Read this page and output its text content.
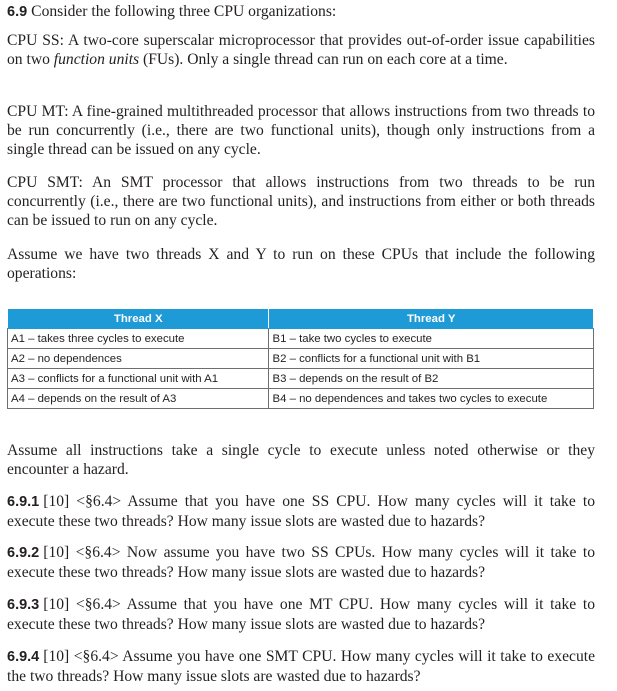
6.9 Consider the following three CPU organizations:

CPU SS: A two-core superscalar microprocessor that provides out-of-order issue capabilities on two function units (FUs). Only a single thread can run on each core at a time.

CPU MT: A fine-grained multithreaded processor that allows instructions from two threads to be run concurrently (i.e., there are two functional units), though only instructions from a single thread can be issued on any cycle.

CPU SMT: An SMT processor that allows instructions from two threads to be run concurrently (i.e., there are two functional units), and instructions from either or both threads can be issued to run on any cycle.

Assume we have two threads X and Y to run on these CPUs that include the following operations:

Assume all instructions take a single cycle to execute unless noted otherwise or they encounter a hazard.

6.9.1 [10] <§6.4> Assume that you have one SS CPU. How many cycles will it take to execute these two threads? How many issue slots are wasted due to hazards?

6.9.2 [10] <§6.4> Now assume you have two SS CPUs. How many cycles will it take to execute these two threads? How many issue slots are wasted due to hazards?

6.9.3 [10] <§6.4> Assume that you have one MT CPU. How many cycles will it take to execute these two threads? How many issue slots are wasted due to hazards?

6.9.4 [10] <§6.4> Assume you have one SMT CPU. How many cycles will it take to execute the two threads? How many issue slots are wasted due to hazards?

Thread X	Thread Y
A1 – takes three cycles to execute	B1 – take two cycles to execute
A2 – no dependences	B2 – conflicts for a functional unit with B1
A3 – conflicts for a functional unit with A1	B3 – depends on the result of B2
A4 – depends on the result of A3	B4 – no dependences and takes two cycles to execute
